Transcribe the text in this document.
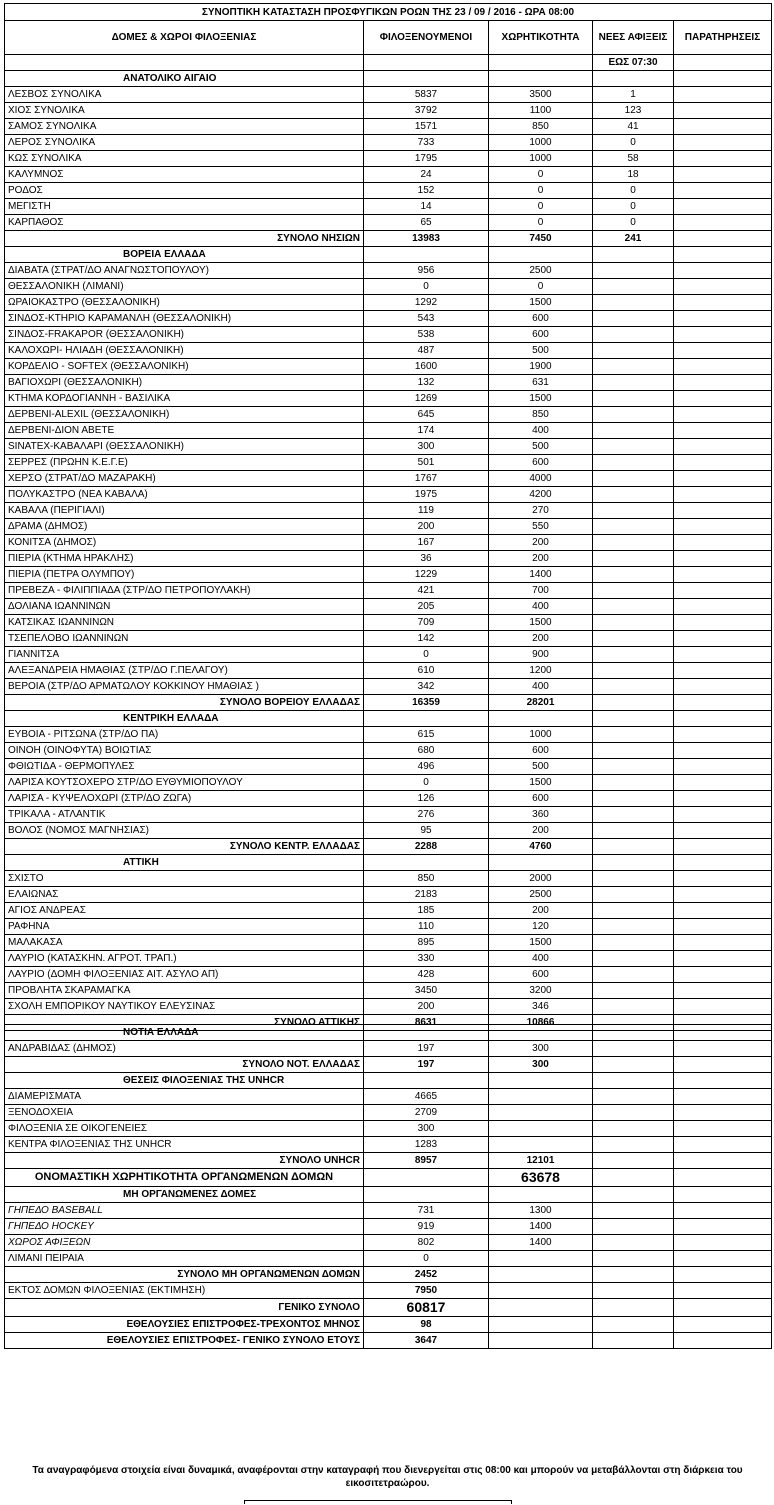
ΣΥΝΟΠΤΙΚΗ ΚΑΤΑΣΤΑΣΗ ΠΡΟΣΦΥΓΙΚΩΝ ΡΟΩΝ ΤΗΣ 23 / 09 / 2016 - ΩΡΑ 08:00				
ΔΟΜΕΣ & ΧΩΡΟΙ ΦΙΛΟΞΕΝΙΑΣ	ΦΙΛΟΞΕΝΟΥΜΕΝΟΙ	ΧΩΡΗΤΙΚΟΤΗΤΑ	ΝΕΕΣ ΑΦΙΞΕΙΣ	ΠΑΡΑΤΗΡΗΣΕΙΣ
			ΕΩΣ 07:30	
ΑΝΑΤΟΛΙΚΟ ΑΙΓΑΙΟ				
ΛΕΣΒΟΣ ΣΥΝΟΛΙΚΑ	5837	3500	1	
ΧΙΟΣ ΣΥΝΟΛΙΚΑ	3792	1100	123	
ΣΑΜΟΣ ΣΥΝΟΛΙΚΑ	1571	850	41	
ΛΕΡΟΣ ΣΥΝΟΛΙΚΑ	733	1000	0	
ΚΩΣ ΣΥΝΟΛΙΚΑ	1795	1000	58	
ΚΑΛΥΜΝΟΣ	24	0	18	
ΡΟΔΟΣ	152	0	0	
ΜΕΓΙΣΤΗ	14	0	0	
ΚΑΡΠΑΘΟΣ	65	0	0	
ΣΥΝΟΛΟ ΝΗΣΙΩΝ	13983	7450	241	
ΒΟΡΕΙΑ ΕΛΛΑΔΑ				
ΔΙΑΒΑΤΑ (ΣΤΡΑΤ/ΔΟ ΑΝΑΓΝΩΣΤΟΠΟΥΛΟΥ)	956	2500		
ΘΕΣΣΑΛΟΝΙΚΗ (ΛΙΜΑΝΙ)	0	0		
ΩΡΑΙΟΚΑΣΤΡΟ (ΘΕΣΣΑΛΟΝΙΚΗ)	1292	1500		
ΣΙΝΔΟΣ-ΚΤΗΡΙΟ ΚΑΡΑΜΑΝΛΗ (ΘΕΣΣΑΛΟΝΙΚΗ)	543	600		
ΣΙΝΔΟΣ-FRAKAPOR (ΘΕΣΣΑΛΟΝΙΚΗ)	538	600		
ΚΑΛΟΧΩΡΙ- ΗΛΙΑΔΗ (ΘΕΣΣΑΛΟΝΙΚΗ)	487	500		
ΚΟΡΔΕΛΙΟ - SOFTEX (ΘΕΣΣΑΛΟΝΙΚΗ)	1600	1900		
ΒΑΓΙΟΧΩΡΙ (ΘΕΣΣΑΛΟΝΙΚΗ)	132	631		
ΚΤΗΜΑ ΚΟΡΔΟΓΙΑΝΝΗ - ΒΑΣΙΛΙΚΑ	1269	1500		
ΔΕΡΒΕΝΙ-ALEXIL (ΘΕΣΣΑΛΟΝΙΚΗ)	645	850		
ΔΕΡΒΕΝΙ-ΔΙΟΝ ΑΒΕΤΕ	174	400		
SINATEX-ΚΑΒΑΛΑΡΙ (ΘΕΣΣΑΛΟΝΙΚΗ)	300	500		
ΣΕΡΡΕΣ (ΠΡΩΗΝ Κ.Ε.Γ.Ε)	501	600		
ΧΕΡΣΟ (ΣΤΡΑΤ/ΔΟ ΜΑΖΑΡΑΚΗ)	1767	4000		
ΠΟΛΥΚΑΣΤΡΟ (ΝΕΑ ΚΑΒΑΛΑ)	1975	4200		
ΚΑΒΑΛΑ (ΠΕΡΙΓΙΑΛΙ)	119	270		
ΔΡΑΜΑ (ΔΗΜΟΣ)	200	550		
ΚΟΝΙΤΣΑ (ΔΗΜΟΣ)	167	200		
ΠΙΕΡΙΑ (ΚΤΗΜΑ ΗΡΑΚΛΗΣ)	36	200		
ΠΙΕΡΙΑ (ΠΕΤΡΑ ΟΛΥΜΠΟΥ)	1229	1400		
ΠΡΕΒΕΖΑ - ΦΙΛΙΠΠΙΑΔΑ (ΣΤΡ/ΔΟ ΠΕΤΡΟΠΟΥΛΑΚΗ)	421	700		
ΔΟΛΙΑΝΑ ΙΩΑΝΝΙΝΩΝ	205	400		
ΚΑΤΣΙΚΑΣ ΙΩΑΝΝΙΝΩΝ	709	1500		
ΤΣΕΠΕΛΟΒΟ ΙΩΑΝΝΙΝΩΝ	142	200		
ΓΙΑΝΝΙΤΣΑ	0	900		
ΑΛΕΞΑΝΔΡΕΙΑ ΗΜΑΘΙΑΣ (ΣΤΡ/ΔΟ Γ.ΠΕΛΑΓΟΥ)	610	1200		
ΒΕΡΟΙΑ (ΣΤΡ/ΔΟ ΑΡΜΑΤΩΛΟΥ ΚΟΚΚΙΝΟΥ ΗΜΑΘΙΑΣ )	342	400		
ΣΥΝΟΛΟ ΒΟΡΕΙΟΥ ΕΛΛΑΔΑΣ	16359	28201		
ΚΕΝΤΡΙΚΗ ΕΛΛΑΔΑ				
ΕΥΒΟΙΑ - ΡΙΤΣΩΝΑ (ΣΤΡ/ΔΟ ΠΑ)	615	1000		
ΟΙΝΟΗ (ΟΙΝΟΦΥΤΑ) ΒΟΙΩΤΙΑΣ	680	600		
ΦΘΙΩΤΙΔΑ - ΘΕΡΜΟΠΥΛΕΣ	496	500		
ΛΑΡΙΣΑ ΚΟΥΤΣΟΧΕΡΟ ΣΤΡ/ΔΟ ΕΥΘΥΜΙΟΠΟΥΛΟΥ	0	1500		
ΛΑΡΙΣΑ - ΚΥΨΕΛΟΧΩΡΙ (ΣΤΡ/ΔΟ ΖΩΓΑ)	126	600		
ΤΡΙΚΑΛΑ - ΑΤΛΑΝΤΙΚ	276	360		
ΒΟΛΟΣ (ΝΟΜΟΣ ΜΑΓΝΗΣΙΑΣ)	95	200		
ΣΥΝΟΛΟ ΚΕΝΤΡ. ΕΛΛΑΔΑΣ	2288	4760		
ΑΤΤΙΚΗ				
ΣΧΙΣΤΟ	850	2000		
ΕΛΑΙΩΝΑΣ	2183	2500		
ΑΓΙΟΣ ΑΝΔΡΕΑΣ	185	200		
ΡΑΦΗΝΑ	110	120		
ΜΑΛΑΚΑΣΑ	895	1500		
ΛΑΥΡΙΟ (ΚΑΤΑΣΚΗΝ. ΑΓΡΟΤ. ΤΡΑΠ.)	330	400		
ΛΑΥΡΙΟ (ΔΟΜΗ ΦΙΛΟΞΕΝΙΑΣ ΑΙΤ. ΑΣΥΛΟ ΑΠ)	428	600		
ΠΡΟΒΛΗΤΑ ΣΚΑΡΑΜΑΓΚΑ	3450	3200		
ΣΧΟΛΗ ΕΜΠΟΡΙΚΟΥ ΝΑΥΤΙΚΟΥ ΕΛΕΥΣΙΝΑΣ	200	346		
ΣΥΝΟΛΟ ΑΤΤΙΚΗΣ	8631	10866		
ΝΟΤΙΑ ΕΛΛΑΔΑ				
ΑΝΔΡΑΒΙΔΑΣ (ΔΗΜΟΣ)	197	300		
ΣΥΝΟΛΟ ΝΟΤ. ΕΛΛΑΔΑΣ	197	300		
ΘΕΣΕΙΣ ΦΙΛΟΞΕΝΙΑΣ ΤΗΣ UNHCR				
ΔΙΑΜΕΡΙΣΜΑΤΑ	4665			
ΞΕΝΟΔΟΧΕΙΑ	2709			
ΦΙΛΟΞΕΝΙΑ ΣΕ ΟΙΚΟΓΕΝΕΙΕΣ	300			
ΚΕΝΤΡΑ ΦΙΛΟΞΕΝΙΑΣ ΤΗΣ UNHCR	1283			
ΣΥΝΟΛΟ UNHCR	8957	12101		
ΟΝΟΜΑΣΤΙΚΗ ΧΩΡΗΤΙΚΟΤΗΤΑ ΟΡΓΑΝΩΜΕΝΩΝ ΔΟΜΩΝ		63678		
ΜΗ ΟΡΓΑΝΩΜΕΝΕΣ ΔΟΜΕΣ				
ΓΗΠΕΔΟ BASEBALL	731	1300		
ΓΗΠΕΔΟ HOCKEY	919	1400		
ΧΩΡΟΣ ΑΦΙΞΕΩΝ	802	1400		
ΛΙΜΑΝΙ ΠΕΙΡΑΙΑ	0			
ΣΥΝΟΛΟ ΜΗ ΟΡΓΑΝΩΜΕΝΩΝ ΔΟΜΩΝ	2452			
ΕΚΤΟΣ ΔΟΜΩΝ ΦΙΛΟΞΕΝΙΑΣ (ΕΚΤΙΜΗΣΗ)	7950			
ΓΕΝΙΚΟ ΣΥΝΟΛΟ	60817			
ΕΘΕΛΟΥΣΙΕΣ ΕΠΙΣΤΡΟΦΕΣ-ΤΡΕΧΟΝΤΟΣ ΜΗΝΟΣ	98			
ΕΘΕΛΟΥΣΙΕΣ ΕΠΙΣΤΡΟΦΕΣ- ΓΕΝΙΚΟ ΣΥΝΟΛΟ ΕΤΟΥΣ	3647			
Τα αναγραφόμενα στοιχεία είναι δυναμικά, αναφέρονται στην καταγραφή που διενεργείται στις 08:00 και μπορούν να μεταβάλλονται στη διάρκεια του εικοσιτετραώρου.
